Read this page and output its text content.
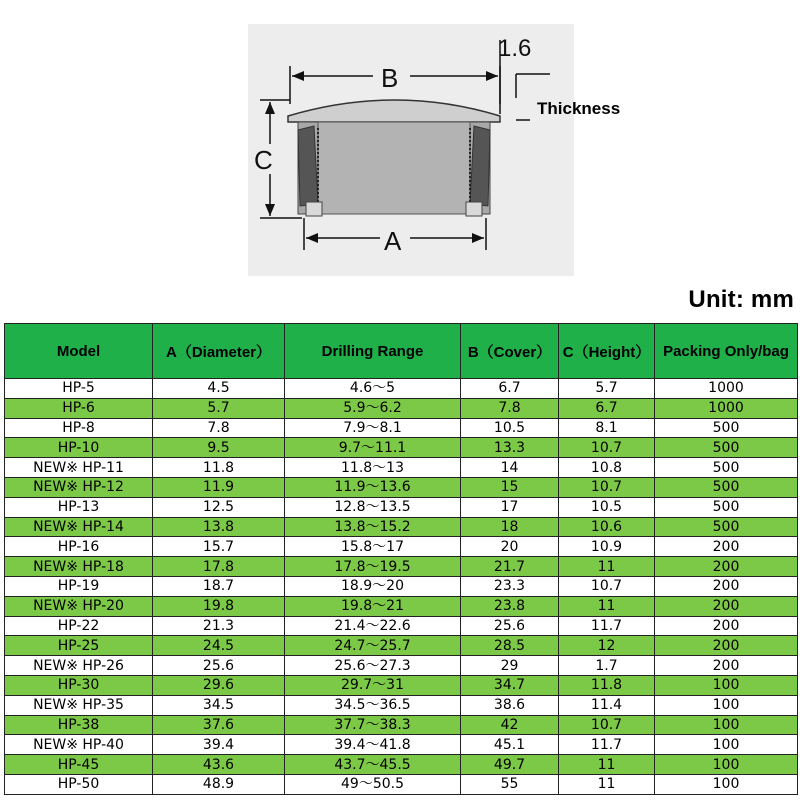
1.6
B
C
A
Thickness
Unit: mm
Model	A（Diameter）	Drilling Range	B（Cover）	C（Height）	Packing Only/bag
HP-5	4.5	4.6～5	6.7	5.7	1000
HP-6	5.7	5.9～6.2	7.8	6.7	1000
HP-8	7.8	7.9～8.1	10.5	8.1	500
HP-10	9.5	9.7～11.1	13.3	10.7	500
NEW※ HP-11	11.8	11.8～13	14	10.8	500
NEW※ HP-12	11.9	11.9～13.6	15	10.7	500
HP-13	12.5	12.8～13.5	17	10.5	500
NEW※ HP-14	13.8	13.8～15.2	18	10.6	500
HP-16	15.7	15.8～17	20	10.9	200
NEW※ HP-18	17.8	17.8～19.5	21.7	11	200
HP-19	18.7	18.9～20	23.3	10.7	200
NEW※ HP-20	19.8	19.8～21	23.8	11	200
HP-22	21.3	21.4～22.6	25.6	11.7	200
HP-25	24.5	24.7～25.7	28.5	12	200
NEW※ HP-26	25.6	25.6～27.3	29	1.7	200
HP-30	29.6	29.7～31	34.7	11.8	100
NEW※ HP-35	34.5	34.5～36.5	38.6	11.4	100
HP-38	37.6	37.7～38.3	42	10.7	100
NEW※ HP-40	39.4	39.4～41.8	45.1	11.7	100
HP-45	43.6	43.7～45.5	49.7	11	100
HP-50	48.9	49～50.5	55	11	100
